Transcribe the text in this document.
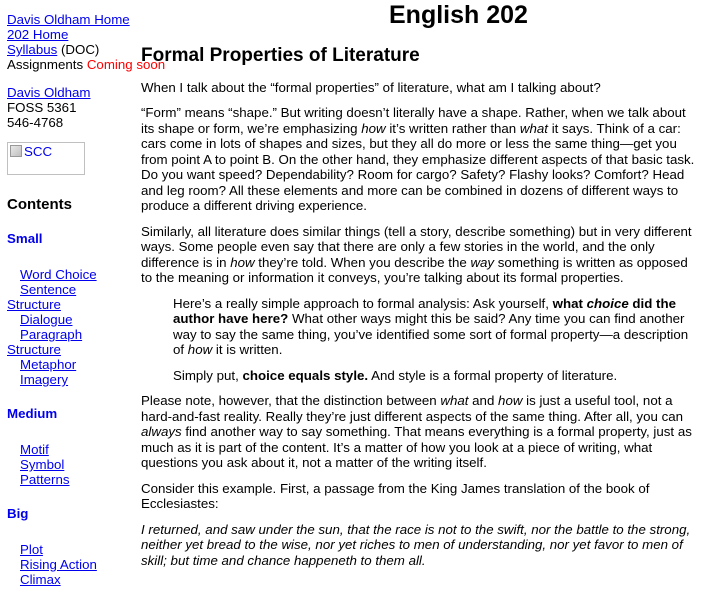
Davis Oldham Home
202 Home
Syllabus (DOC)
Assignments Coming soon
Davis Oldham
FOSS 5361
546-4768
SCC
Contents
Small
Word Choice
Sentence
Structure
Dialogue
Paragraph
Structure
Metaphor
Imagery
Medium
Motif
Symbol
Patterns
Big
Plot
Rising Action
Climax
English 202
Formal Properties of Literature

When I talk about the “formal properties” of literature, what am I talking about?

“Form” means “shape.” But writing doesn’t literally have a shape. Rather, when we talk about its shape or form, we’re emphasizing how it’s written rather than what it says. Think of a car: cars come in lots of shapes and sizes, but they all do more or less the same thing—get you from point A to point B. On the other hand, they emphasize different aspects of that basic task. Do you want speed? Dependability? Room for cargo? Safety? Flashy looks? Comfort? Head and leg room? All these elements and more can be combined in dozens of different ways to produce a different driving experience.

Similarly, all literature does similar things (tell a story, describe something) but in very different ways. Some people even say that there are only a few stories in the world, and the only difference is in how they’re told. When you describe the way something is written as opposed to the meaning or information it conveys, you’re talking about its formal properties.

Here’s a really simple approach to formal analysis: Ask yourself, what choice did the author have here? What other ways might this be said? Any time you can find another way to say the same thing, you’ve identified some sort of formal property—a description of how it is written.

Simply put, choice equals style. And style is a formal property of literature.

Please note, however, that the distinction between what and how is just a useful tool, not a hard-and-fast reality. Really they’re just different aspects of the same thing. After all, you can always find another way to say something. That means everything is a formal property, just as much as it is part of the content. It’s a matter of how you look at a piece of writing, what questions you ask about it, not a matter of the writing itself.

Consider this example. First, a passage from the King James translation of the book of Ecclesiastes:

I returned, and saw under the sun, that the race is not to the swift, nor the battle to the strong, neither yet bread to the wise, nor yet riches to men of understanding, nor yet favor to men of skill; but time and chance happeneth to them all.
